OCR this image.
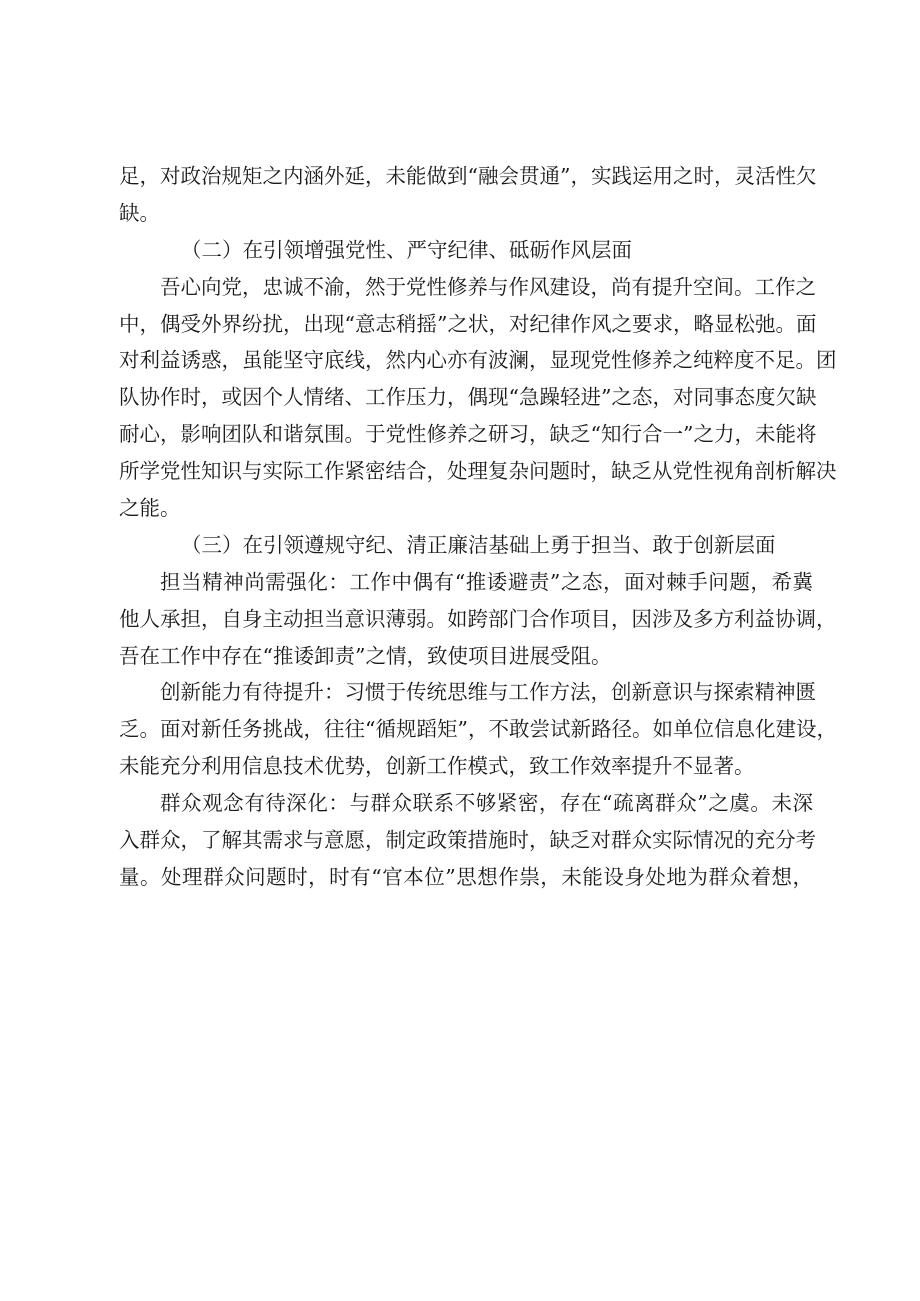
足，对政治规矩之内涵外延，未能做到“融会贯通”，实践运用之时，灵活性欠
缺。
（二）在引领增强党性、严守纪律、砥砺作风层面
吾心向党，忠诚不渝，然于党性修养与作风建设，尚有提升空间。工作之
中，偶受外界纷扰，出现“意志稍摇”之状，对纪律作风之要求，略显松弛。面
对利益诱惑，虽能坚守底线，然内心亦有波澜，显现党性修养之纯粹度不足。团
队协作时，或因个人情绪、工作压力，偶现“急躁轻进”之态，对同事态度欠缺
耐心，影响团队和谐氛围。于党性修养之研习，缺乏“知行合一”之力，未能将
所学党性知识与实际工作紧密结合，处理复杂问题时，缺乏从党性视角剖析解决
之能。
（三）在引领遵规守纪、清正廉洁基础上勇于担当、敢于创新层面
担当精神尚需强化：工作中偶有“推诿避责”之态，面对棘手问题，希冀
他人承担，自身主动担当意识薄弱。如跨部门合作项目，因涉及多方利益协调，
吾在工作中存在“推诿卸责”之情，致使项目进展受阻。
创新能力有待提升：习惯于传统思维与工作方法，创新意识与探索精神匮
乏。面对新任务挑战，往往“循规蹈矩”，不敢尝试新路径。如单位信息化建设，
未能充分利用信息技术优势，创新工作模式，致工作效率提升不显著。
群众观念有待深化：与群众联系不够紧密，存在“疏离群众”之虞。未深
入群众，了解其需求与意愿，制定政策措施时，缺乏对群众实际情况的充分考
量。处理群众问题时，时有“官本位”思想作祟，未能设身处地为群众着想，
